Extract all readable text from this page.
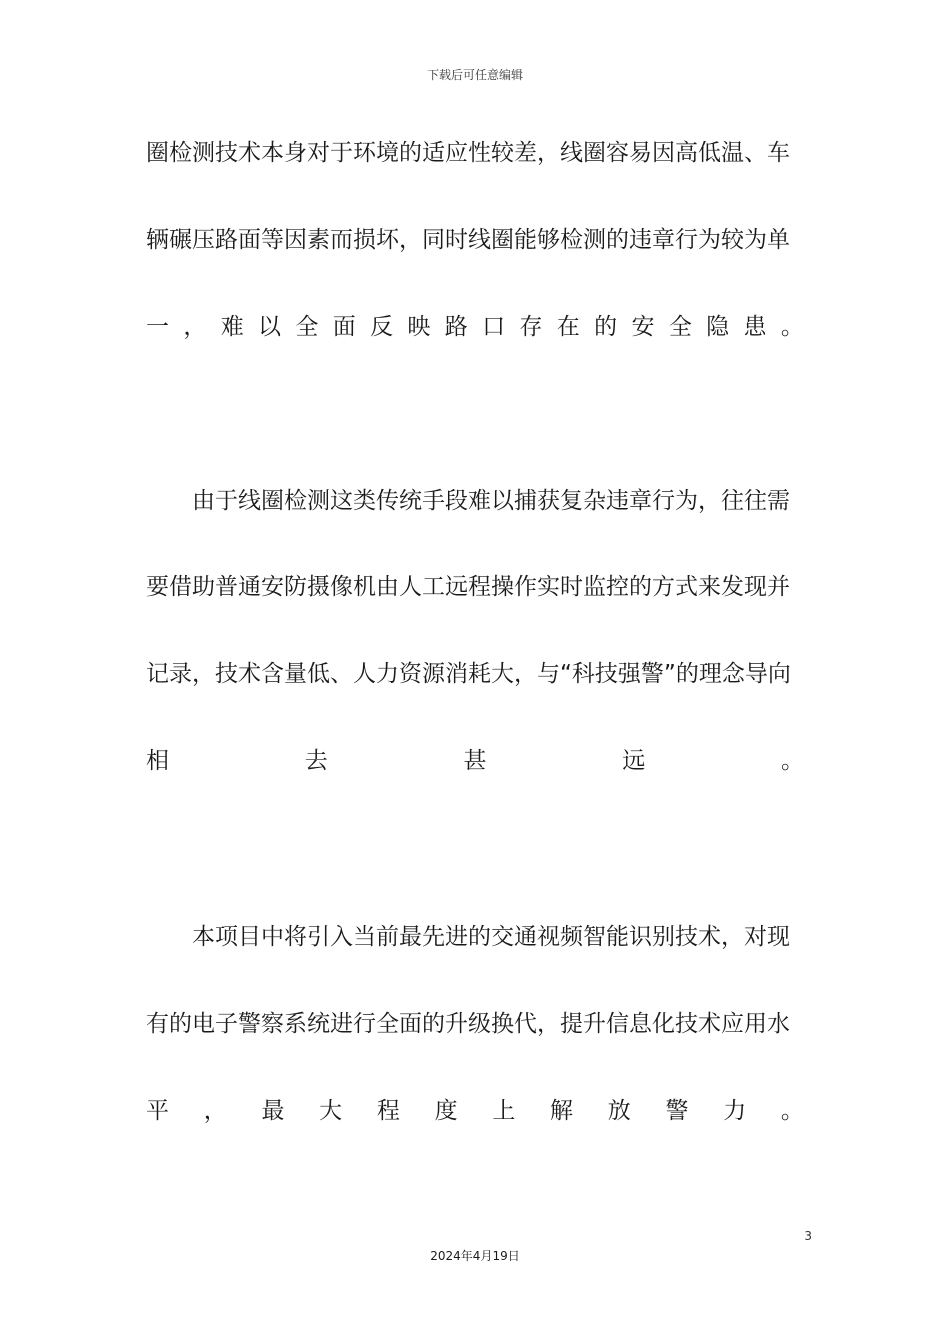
下载后可任意编辑
圈检测技术本身对于环境的适应性较差，线圈容易因高低温、车
辆碾压路面等因素而损坏，同时线圈能够检测的违章行为较为单
一 ， 难 以 全 面 反 映 路 口 存 在 的 安 全 隐 患 。
由于线圈检测这类传统手段难以捕获复杂违章行为，往往需
要借助普通安防摄像机由人工远程操作实时监控的方式来发现并
记录，技术含量低、人力资源消耗大，与“科技强警”的理念导向
相	去	甚	远	。
本项目中将引入当前最先进的交通视频智能识别技术，对现
有的电子警察系统进行全面的升级换代，提升信息化技术应用水
平 ， 最 大 程 度 上 解 放 警 力 。
3
2024年4月19日
